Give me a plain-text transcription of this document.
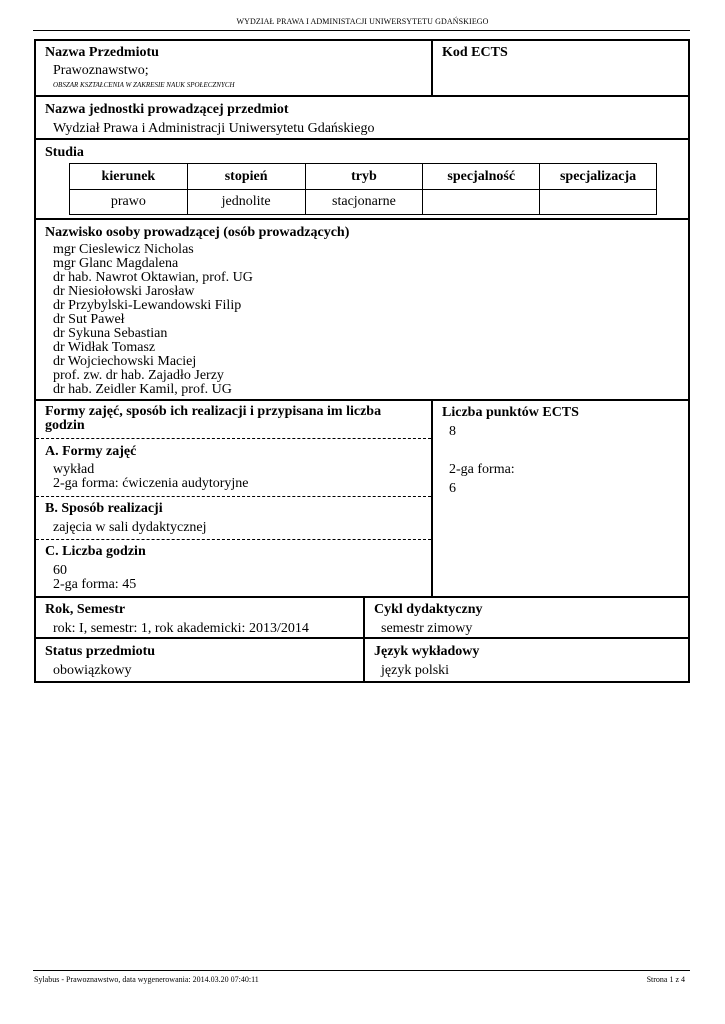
WYDZIAŁ PRAWA I ADMINISTACJI UNIWERSYTETU GDAŃSKIEGO
Nazwa Przedmiotu
Prawoznawstwo;
OBSZAR KSZTAŁCENIA W ZAKRESIE NAUK SPOŁECZNYCH
Kod ECTS
Nazwa jednostki prowadzącej przedmiot
Wydział Prawa i Administracji Uniwersytetu Gdańskiego
Studia
kierunek	stopień	tryb	specjalność	specjalizacja
prawo	jednolite	stacjonarne		
Nazwisko osoby prowadzącej (osób prowadzących)
mgr Cieslewicz Nicholas
mgr Glanc Magdalena
dr hab. Nawrot Oktawian, prof. UG
dr Niesiołowski Jarosław
dr Przybylski-Lewandowski Filip
dr Sut Paweł
dr Sykuna Sebastian
dr Widłak Tomasz
dr Wojciechowski Maciej
prof. zw. dr hab. Zajadło Jerzy
dr hab. Zeidler Kamil, prof. UG
Formy zajęć, sposób ich realizacji i przypisana im liczba godzin
A. Formy zajęć
wykład
2-ga forma: ćwiczenia audytoryjne
B. Sposób realizacji
zajęcia w sali dydaktycznej
C. Liczba godzin
60
2-ga forma: 45
Liczba punktów ECTS
8
2-ga forma:
6
Rok, Semestr
rok: I, semestr: 1, rok akademicki: 2013/2014
Cykl dydaktyczny
semestr zimowy
Status przedmiotu
obowiązkowy
Język wykładowy
język polski
Sylabus - Prawoznawstwo, data wygenerowania: 2014.03.20 07:40:11	Strona 1 z 4
